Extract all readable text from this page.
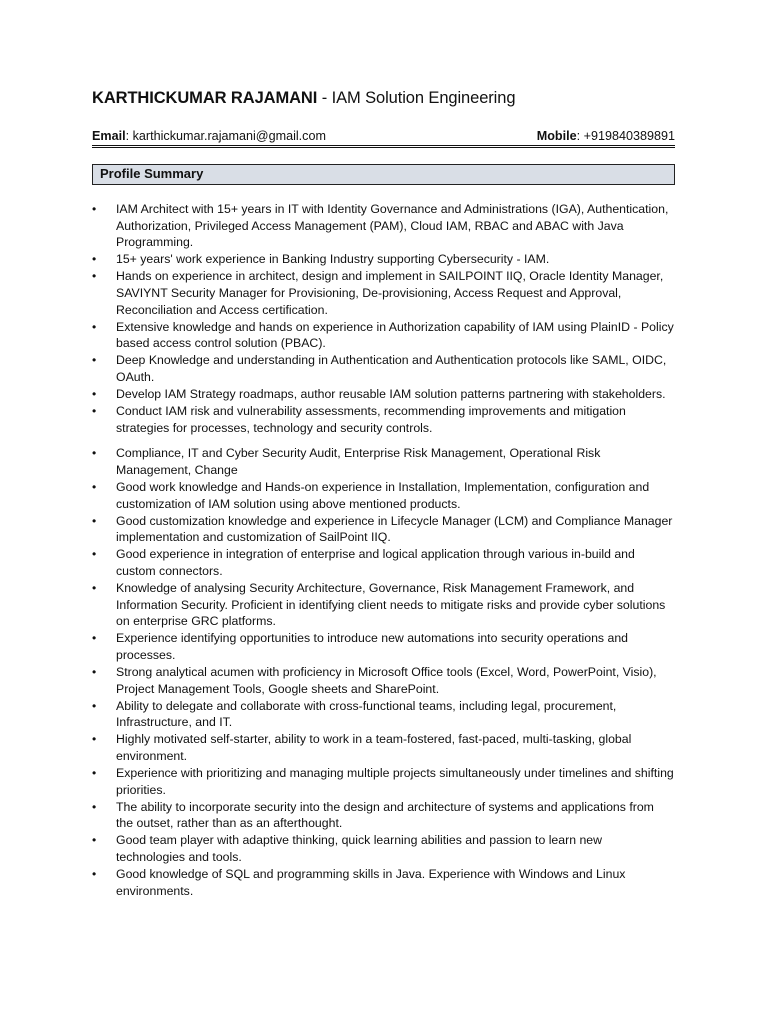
KARTHICKUMAR RAJAMANI - IAM Solution Engineering
Email: karthickumar.rajamani@gmail.com	Mobile: +919840389891
Profile Summary
•	IAM Architect with 15+ years in IT with Identity Governance and Administrations (IGA), Authentication, Authorization, Privileged Access Management (PAM), Cloud IAM, RBAC and ABAC with Java Programming.
•	15+ years' work experience in Banking Industry supporting Cybersecurity - IAM.
•	Hands on experience in architect, design and implement in SAILPOINT IIQ, Oracle Identity Manager, SAVIYNT Security Manager for Provisioning, De-provisioning, Access Request and Approval, Reconciliation and Access certification.
•	Extensive knowledge and hands on experience in Authorization capability of IAM using PlainID - Policy based access control solution (PBAC).
•	Deep Knowledge and understanding in Authentication and Authentication protocols like SAML, OIDC, OAuth.
•	Develop IAM Strategy roadmaps, author reusable IAM solution patterns partnering with stakeholders.
•	Conduct IAM risk and vulnerability assessments, recommending improvements and mitigation strategies for processes, technology and security controls.
•	Compliance, IT and Cyber Security Audit, Enterprise Risk Management, Operational Risk Management, Change
•	Good work knowledge and Hands-on experience in Installation, Implementation, configuration and customization of IAM solution using above mentioned products.
•	Good customization knowledge and experience in Lifecycle Manager (LCM) and Compliance Manager implementation and customization of SailPoint IIQ.
•	Good experience in integration of enterprise and logical application through various in-build and custom connectors.
•	Knowledge of analysing Security Architecture, Governance, Risk Management Framework, and Information Security. Proficient in identifying client needs to mitigate risks and provide cyber solutions on enterprise GRC platforms.
•	Experience identifying opportunities to introduce new automations into security operations and processes.
•	Strong analytical acumen with proficiency in Microsoft Office tools (Excel, Word, PowerPoint, Visio), Project Management Tools, Google sheets and SharePoint.
•	Ability to delegate and collaborate with cross-functional teams, including legal, procurement, Infrastructure, and IT.
•	Highly motivated self-starter, ability to work in a team-fostered, fast-paced, multi-tasking, global environment.
•	Experience with prioritizing and managing multiple projects simultaneously under timelines and shifting priorities.
•	The ability to incorporate security into the design and architecture of systems and applications from the outset, rather than as an afterthought.
•	Good team player with adaptive thinking, quick learning abilities and passion to learn new technologies and tools.
•	Good knowledge of SQL and programming skills in Java. Experience with Windows and Linux environments.
